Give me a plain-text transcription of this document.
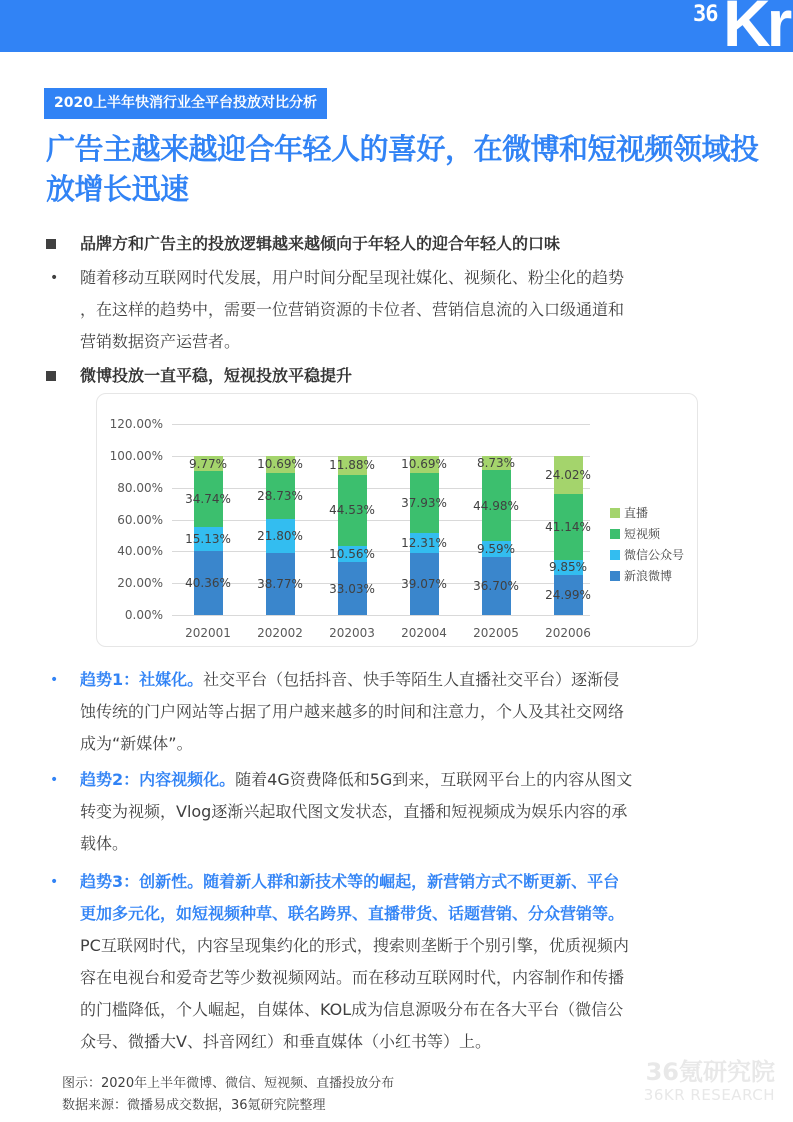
36 Kr
2020上半年快消行业全平台投放对比分析
广告主越来越迎合年轻人的喜好，在微博和短视频领域投放增长迅速
品牌方和广告主的投放逻辑越来越倾向于年轻人的迎合年轻人的口味
• 随着移动互联网时代发展，用户时间分配呈现社媒化、视频化、粉尘化的趋势
，在这样的趋势中，需要一位营销资源的卡位者、营销信息流的入口级通道和
营销数据资产运营者。
微博投放一直平稳，短视投放平稳提升
0.00%
20.00%
40.00%
60.00%
80.00%
100.00%
120.00%
40.36%
15.13%
34.74%
9.77%
202001
38.77%
21.80%
28.73%
10.69%
202002
33.03%
10.56%
44.53%
11.88%
202003
39.07%
12.31%
37.93%
10.69%
202004
36.70%
9.59%
44.98%
8.73%
202005
24.99%
9.85%
41.14%
24.02%
202006
直播
短视频
微信公众号
新浪微博
• 趋势1：社媒化。社交平台（包括抖音、快手等陌生人直播社交平台）逐渐侵
蚀传统的门户网站等占据了用户越来越多的时间和注意力，个人及其社交网络
成为“新媒体”。
• 趋势2：内容视频化。随着4G资费降低和5G到来，互联网平台上的内容从图文
转变为视频，Vlog逐渐兴起取代图文发状态，直播和短视频成为娱乐内容的承
载体。
• 趋势3：创新性。随着新人群和新技术等的崛起，新营销方式不断更新、平台
更加多元化，如短视频种草、联名跨界、直播带货、话题营销、分众营销等。
PC互联网时代，内容呈现集约化的形式，搜索则垄断于个别引擎，优质视频内
容在电视台和爱奇艺等少数视频网站。而在移动互联网时代，内容制作和传播
的门槛降低，个人崛起，自媒体、KOL成为信息源吸分布在各大平台（微信公
众号、微播大V、抖音网红）和垂直媒体（小红书等）上。
图示：2020年上半年微博、微信、短视频、直播投放分布
数据来源：微播易成交数据，36氪研究院整理
36氪研究院
36KR RESEARCH
